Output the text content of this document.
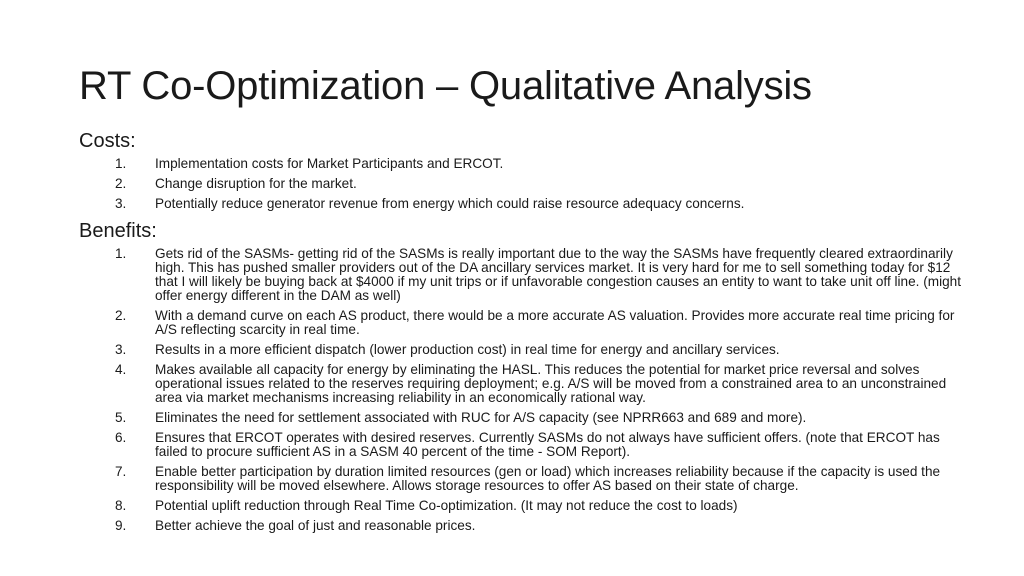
RT Co-Optimization – Qualitative Analysis
Costs:
1.	Implementation costs for Market Participants and ERCOT.
2.	Change disruption for the market.
3.	Potentially reduce generator revenue from energy which could raise resource adequacy concerns.
Benefits:
1.	Gets rid of the SASMs- getting rid of the SASMs is really important due to the way the SASMs have frequently cleared extraordinarily high. This has pushed smaller providers out of the DA ancillary services market. It is very hard for me to sell something today for $12 that I will likely be buying back at $4000 if my unit trips or if unfavorable congestion causes an entity to want to take unit off line. (might offer energy different in the DAM as well)
2.	With a demand curve on each AS product, there would be a more accurate AS valuation. Provides more accurate real time pricing for A/S reflecting scarcity in real time.
3.	Results in a more efficient dispatch (lower production cost) in real time for energy and ancillary services.
4.	Makes available all capacity for energy by eliminating the HASL. This reduces the potential for market price reversal and solves operational issues related to the reserves requiring deployment; e.g. A/S will be moved from a constrained area to an unconstrained area via market mechanisms increasing reliability in an economically rational way.
5.	Eliminates the need for settlement associated with RUC for A/S capacity (see NPRR663 and 689 and more).
6.	Ensures that ERCOT operates with desired reserves. Currently SASMs do not always have sufficient offers. (note that ERCOT has failed to procure sufficient AS in a SASM 40 percent of the time - SOM Report).
7.	Enable better participation by duration limited resources (gen or load) which increases reliability because if the capacity is used the responsibility will be moved elsewhere. Allows storage resources to offer AS based on their state of charge.
8.	Potential uplift reduction through Real Time Co-optimization. (It may not reduce the cost to loads)
9.	Better achieve the goal of just and reasonable prices.
